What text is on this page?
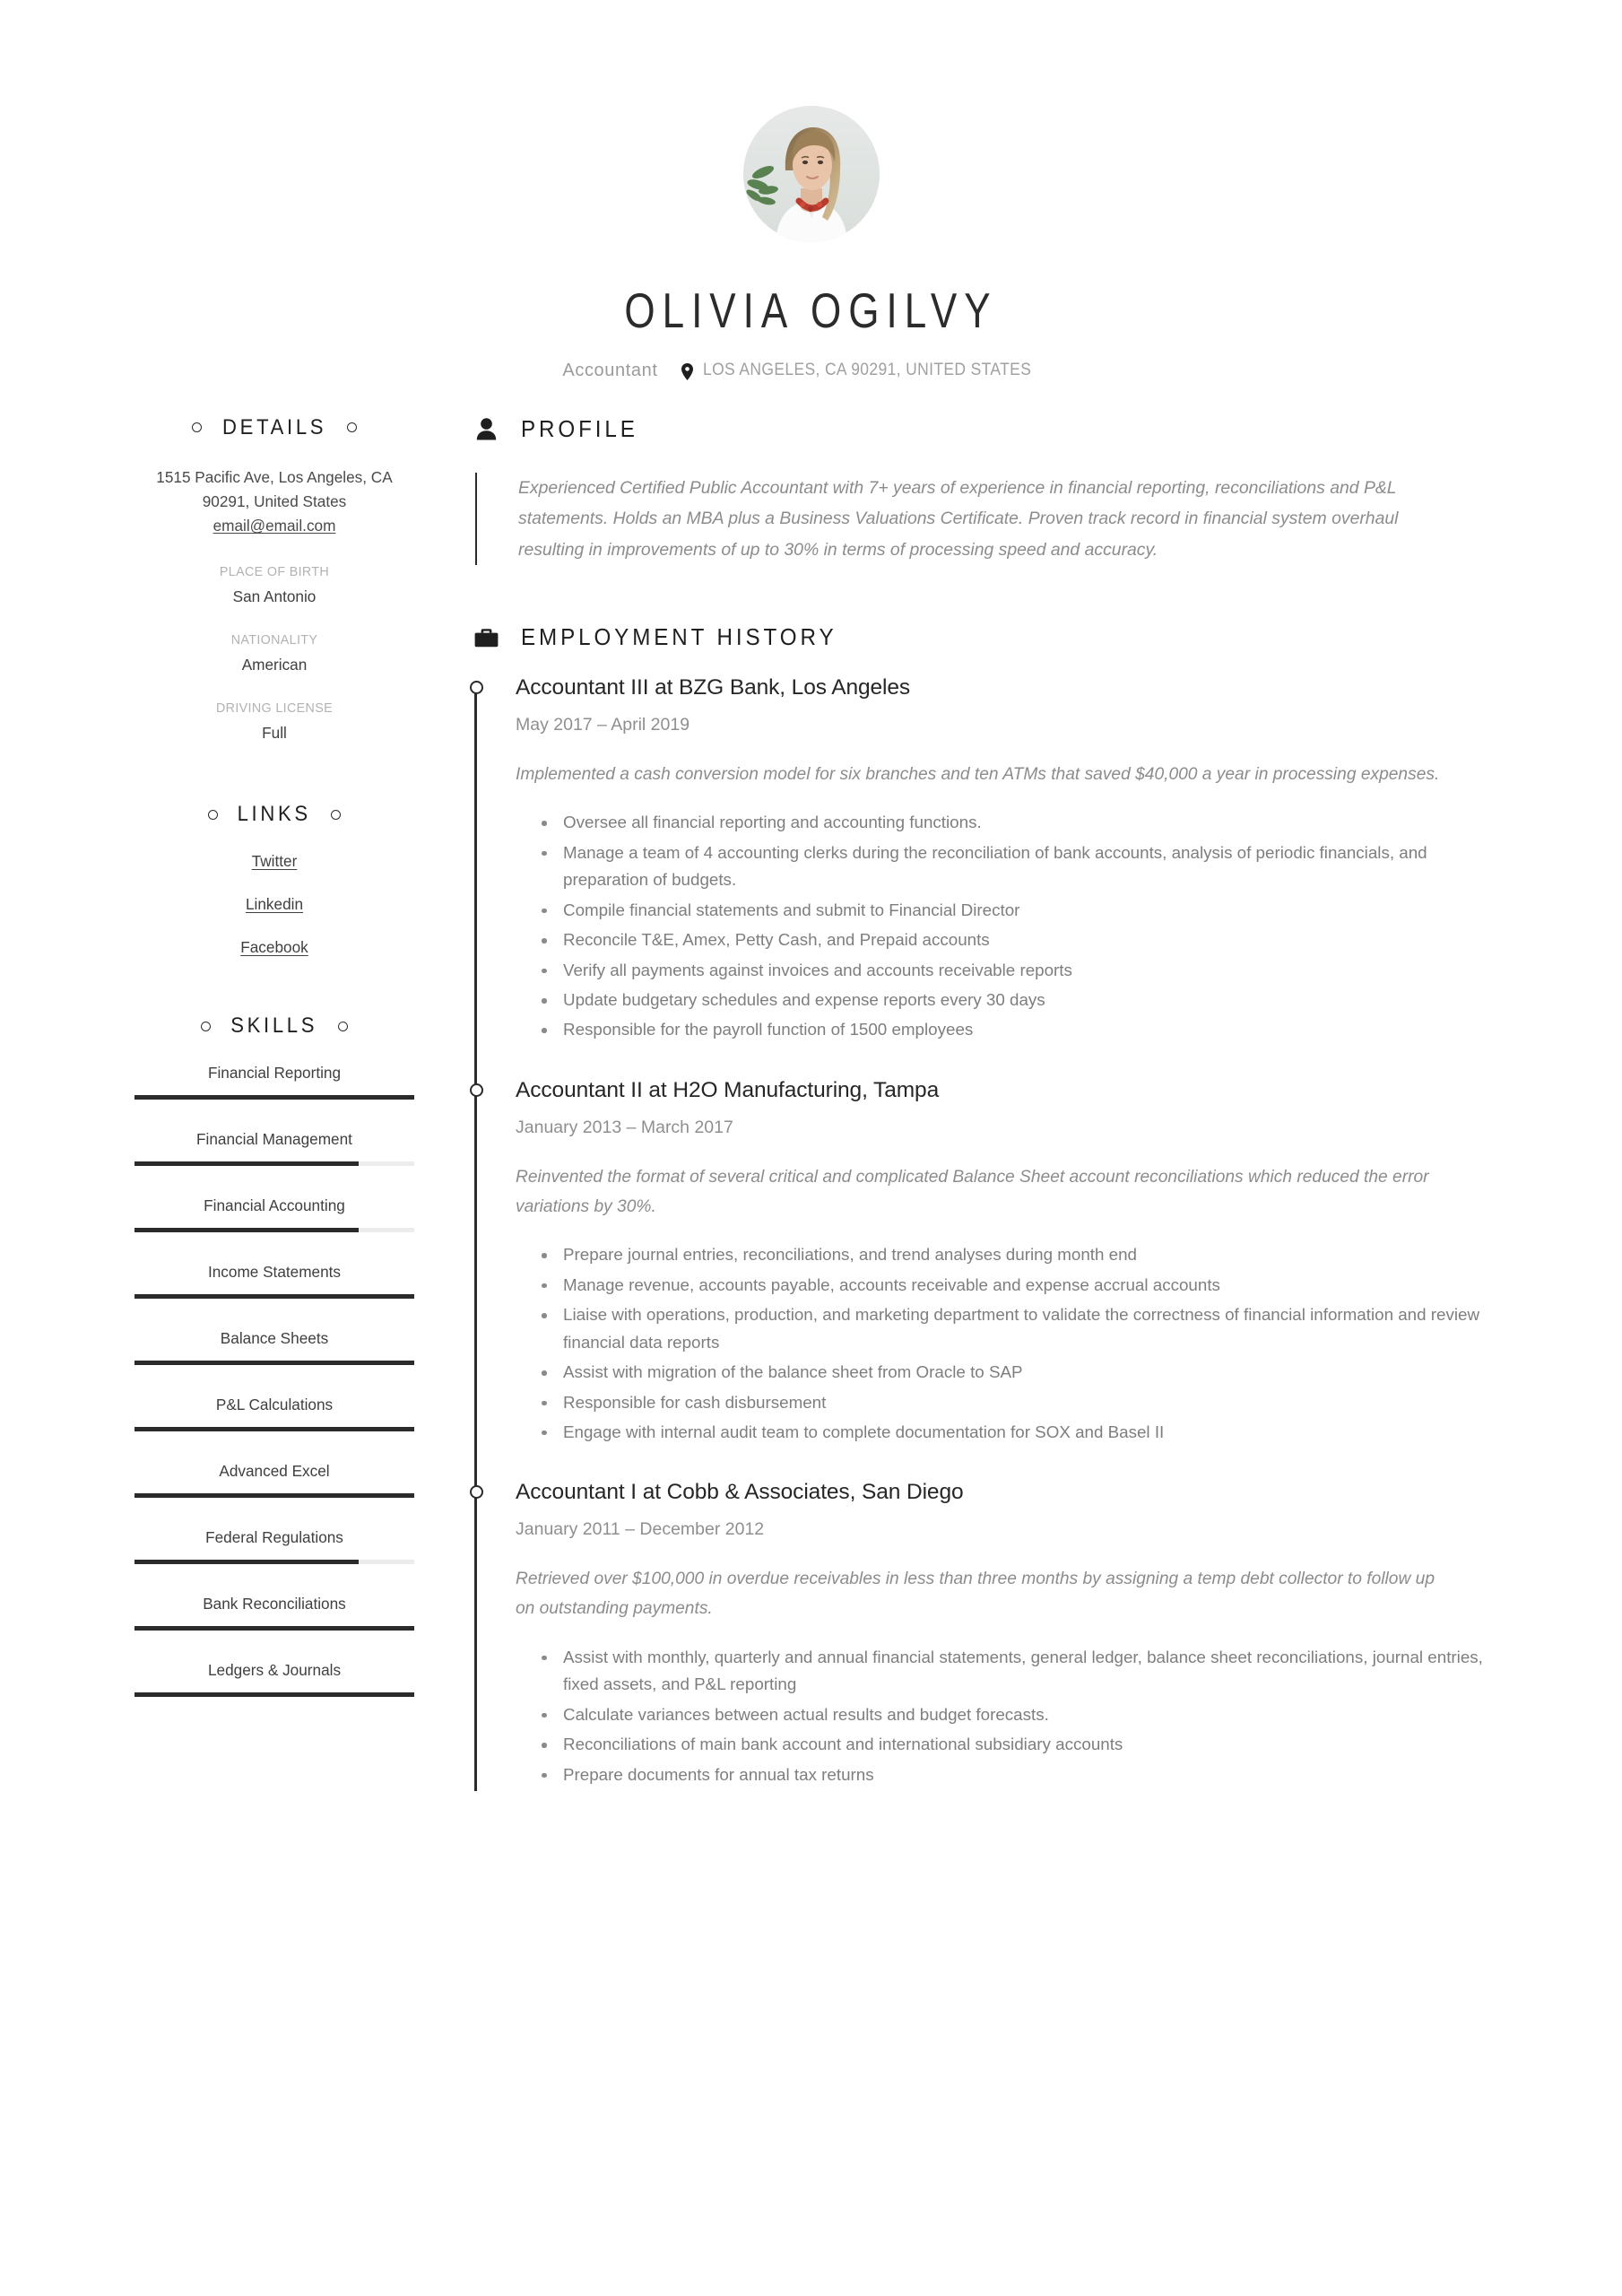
OLIVIA OGILVY
Accountant	LOS ANGELES, CA 90291, UNITED STATES
DETAILS
1515 Pacific Ave, Los Angeles, CA
90291, United States
email@email.com
PLACE OF BIRTH
San Antonio
NATIONALITY
American
DRIVING LICENSE
Full
LINKS
Twitter
Linkedin
Facebook
SKILLS
Financial Reporting
Financial Management
Financial Accounting
Income Statements
Balance Sheets
P&L Calculations
Advanced Excel
Federal Regulations
Bank Reconciliations
Ledgers & Journals
PROFILE

Experienced Certified Public Accountant with 7+ years of experience in financial reporting, reconciliations and P&L statements. Holds an MBA plus a Business Valuations Certificate. Proven track record in financial system overhaul resulting in improvements of up to 30% in terms of processing speed and accuracy.

EMPLOYMENT HISTORY
Accountant III at BZG Bank, Los Angeles
May 2017 – April 2019
Implemented a cash conversion model for six branches and ten ATMs that saved $40,000 a year in processing expenses.
Oversee all financial reporting and accounting functions.
Manage a team of 4 accounting clerks during the reconciliation of bank accounts, analysis of periodic financials, and preparation of budgets.
Compile financial statements and submit to Financial Director
Reconcile T&E, Amex, Petty Cash, and Prepaid accounts
Verify all payments against invoices and accounts receivable reports
Update budgetary schedules and expense reports every 30 days
Responsible for the payroll function of 1500 employees
Accountant II at H2O Manufacturing, Tampa
January 2013 – March 2017
Reinvented the format of several critical and complicated Balance Sheet account reconciliations which reduced the error variations by 30%.
Prepare journal entries, reconciliations, and trend analyses during month end
Manage revenue, accounts payable, accounts receivable and expense accrual accounts
Liaise with operations, production, and marketing department to validate the correctness of financial information and review financial data reports
Assist with migration of the balance sheet from Oracle to SAP
Responsible for cash disbursement
Engage with internal audit team to complete documentation for SOX and Basel II
Accountant I at Cobb & Associates, San Diego
January 2011 – December 2012
Retrieved over $100,000 in overdue receivables in less than three months by assigning a temp debt collector to follow up on outstanding payments.
Assist with monthly, quarterly and annual financial statements, general ledger, balance sheet reconciliations, journal entries, fixed assets, and P&L reporting
Calculate variances between actual results and budget forecasts.
Reconciliations of main bank account and international subsidiary accounts
Prepare documents for annual tax returns
